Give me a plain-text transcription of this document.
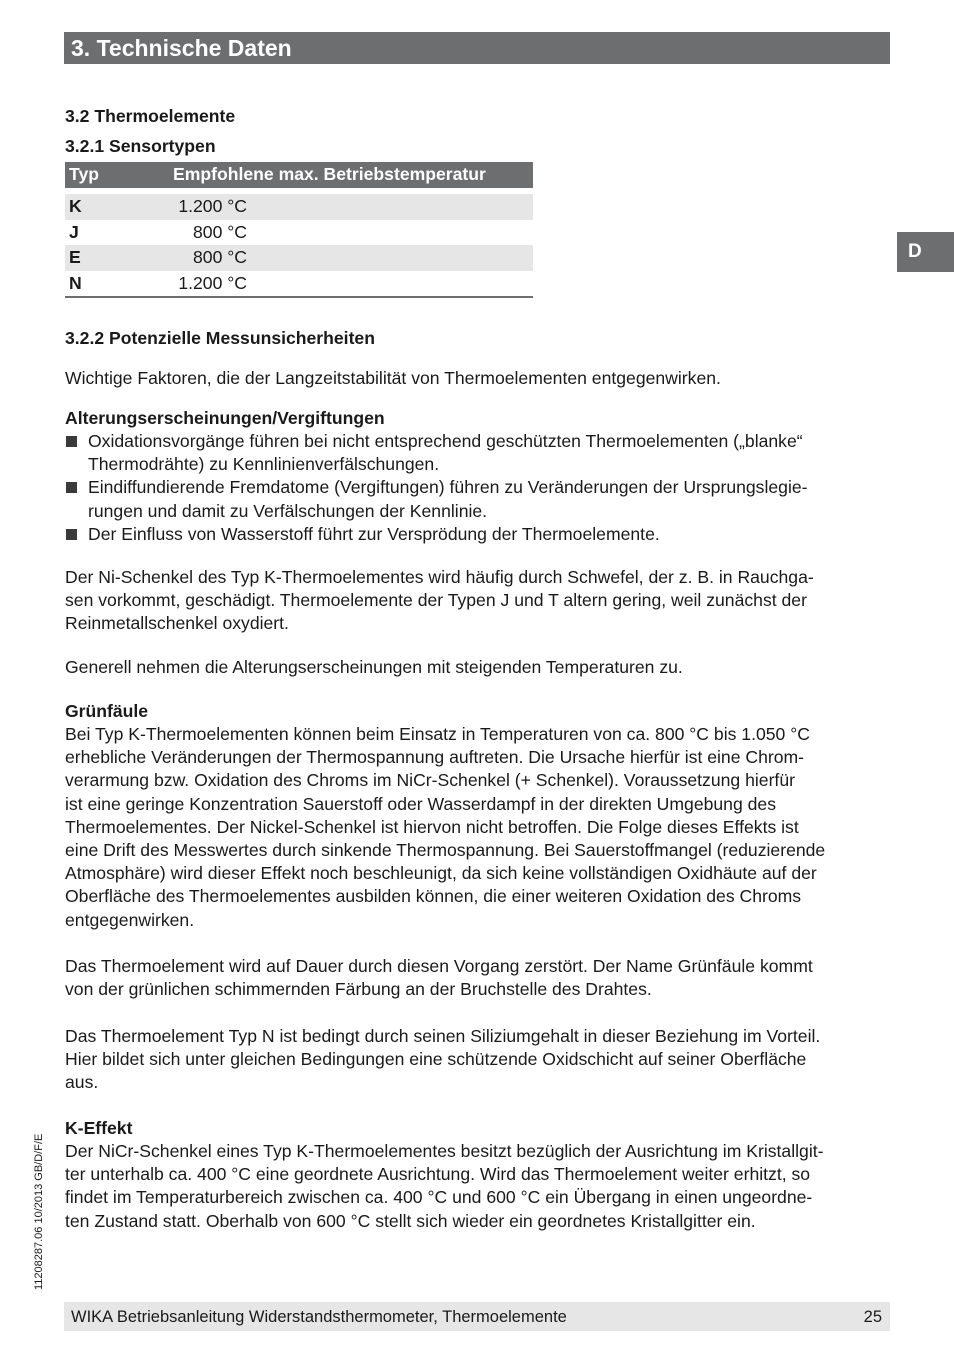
3. Technische Daten
D
11208287.06 10/2013 GB/D/F/E
3.2 Thermoelemente
3.2.1 Sensortypen
Typ	Empfohlene max. Betriebstemperatur

K	1.200 °C
J	800 °C
E	800 °C
N	1.200 °C
3.2.2 Potenzielle Messunsicherheiten
Wichtige Faktoren, die der Langzeitstabilität von Thermoelementen entgegenwirken.
Alterungserscheinungen/Vergiftungen
Oxidationsvorgänge führen bei nicht entsprechend geschützten Thermoelementen („blanke“
Thermodrähte) zu Kennlinienverfälschungen.
Eindiffundierende Fremdatome (Vergiftungen) führen zu Veränderungen der Ursprungslegie-
rungen und damit zu Verfälschungen der Kennlinie.
Der Einfluss von Wasserstoff führt zur Versprödung der Thermoelemente.
Der Ni-Schenkel des Typ K-Thermoelementes wird häufig durch Schwefel, der z. B. in Rauchga-
sen vorkommt, geschädigt. Thermoelemente der Typen J und T altern gering, weil zunächst der
Reinmetallschenkel oxydiert.
Generell nehmen die Alterungserscheinungen mit steigenden Temperaturen zu.
Grünfäule
Bei Typ K-Thermoelementen können beim Einsatz in Temperaturen von ca. 800 °C bis 1.050 °C
erhebliche Veränderungen der Thermospannung auftreten. Die Ursache hierfür ist eine Chrom-
verarmung bzw. Oxidation des Chroms im NiCr-Schenkel (+ Schenkel). Voraussetzung hierfür
ist eine geringe Konzentration Sauerstoff oder Wasserdampf in der direkten Umgebung des
Thermoelementes. Der Nickel-Schenkel ist hiervon nicht betroffen. Die Folge dieses Effekts ist
eine Drift des Messwertes durch sinkende Thermospannung. Bei Sauerstoffmangel (reduzierende
Atmosphäre) wird dieser Effekt noch beschleunigt, da sich keine vollständigen Oxidhäute auf der
Oberfläche des Thermoelementes ausbilden können, die einer weiteren Oxidation des Chroms
entgegenwirken.
Das Thermoelement wird auf Dauer durch diesen Vorgang zerstört. Der Name Grünfäule kommt
von der grünlichen schimmernden Färbung an der Bruchstelle des Drahtes.
Das Thermoelement Typ N ist bedingt durch seinen Siliziumgehalt in dieser Beziehung im Vorteil.
Hier bildet sich unter gleichen Bedingungen eine schützende Oxidschicht auf seiner Oberfläche
aus.
K-Effekt
Der NiCr-Schenkel eines Typ K-Thermoelementes besitzt bezüglich der Ausrichtung im Kristallgit-
ter unterhalb ca. 400 °C eine geordnete Ausrichtung. Wird das Thermoelement weiter erhitzt, so
findet im Temperaturbereich zwischen ca. 400 °C und 600 °C ein Übergang in einen ungeordne-
ten Zustand statt. Oberhalb von 600 °C stellt sich wieder ein geordnetes Kristallgitter ein.
WIKA Betriebsanleitung Widerstandsthermometer, Thermoelemente	25
